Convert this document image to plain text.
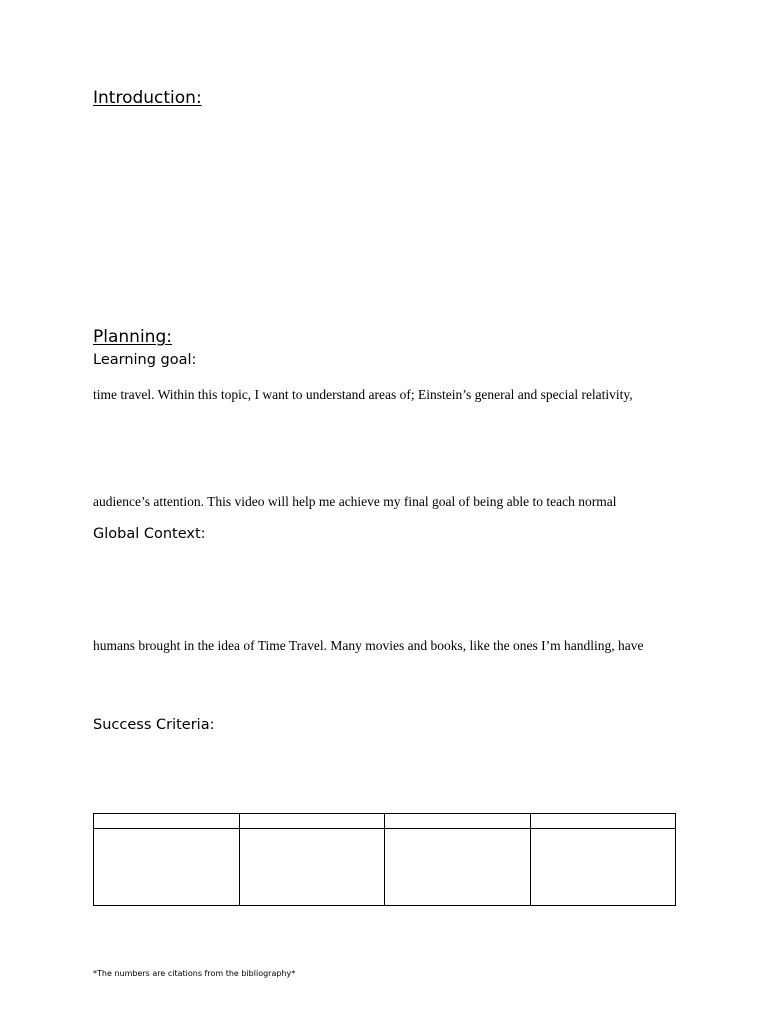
Introduction:
Planning:
Learning goal:
time travel. Within this topic, I want to understand areas of; Einstein’s general and special relativity,
audience’s attention. This video will help me achieve my final goal of being able to teach normal
Global Context:
humans brought in the idea of Time Travel. Many movies and books, like the ones I’m handling, have
Success Criteria:

*The numbers are citations from the bibliography*
